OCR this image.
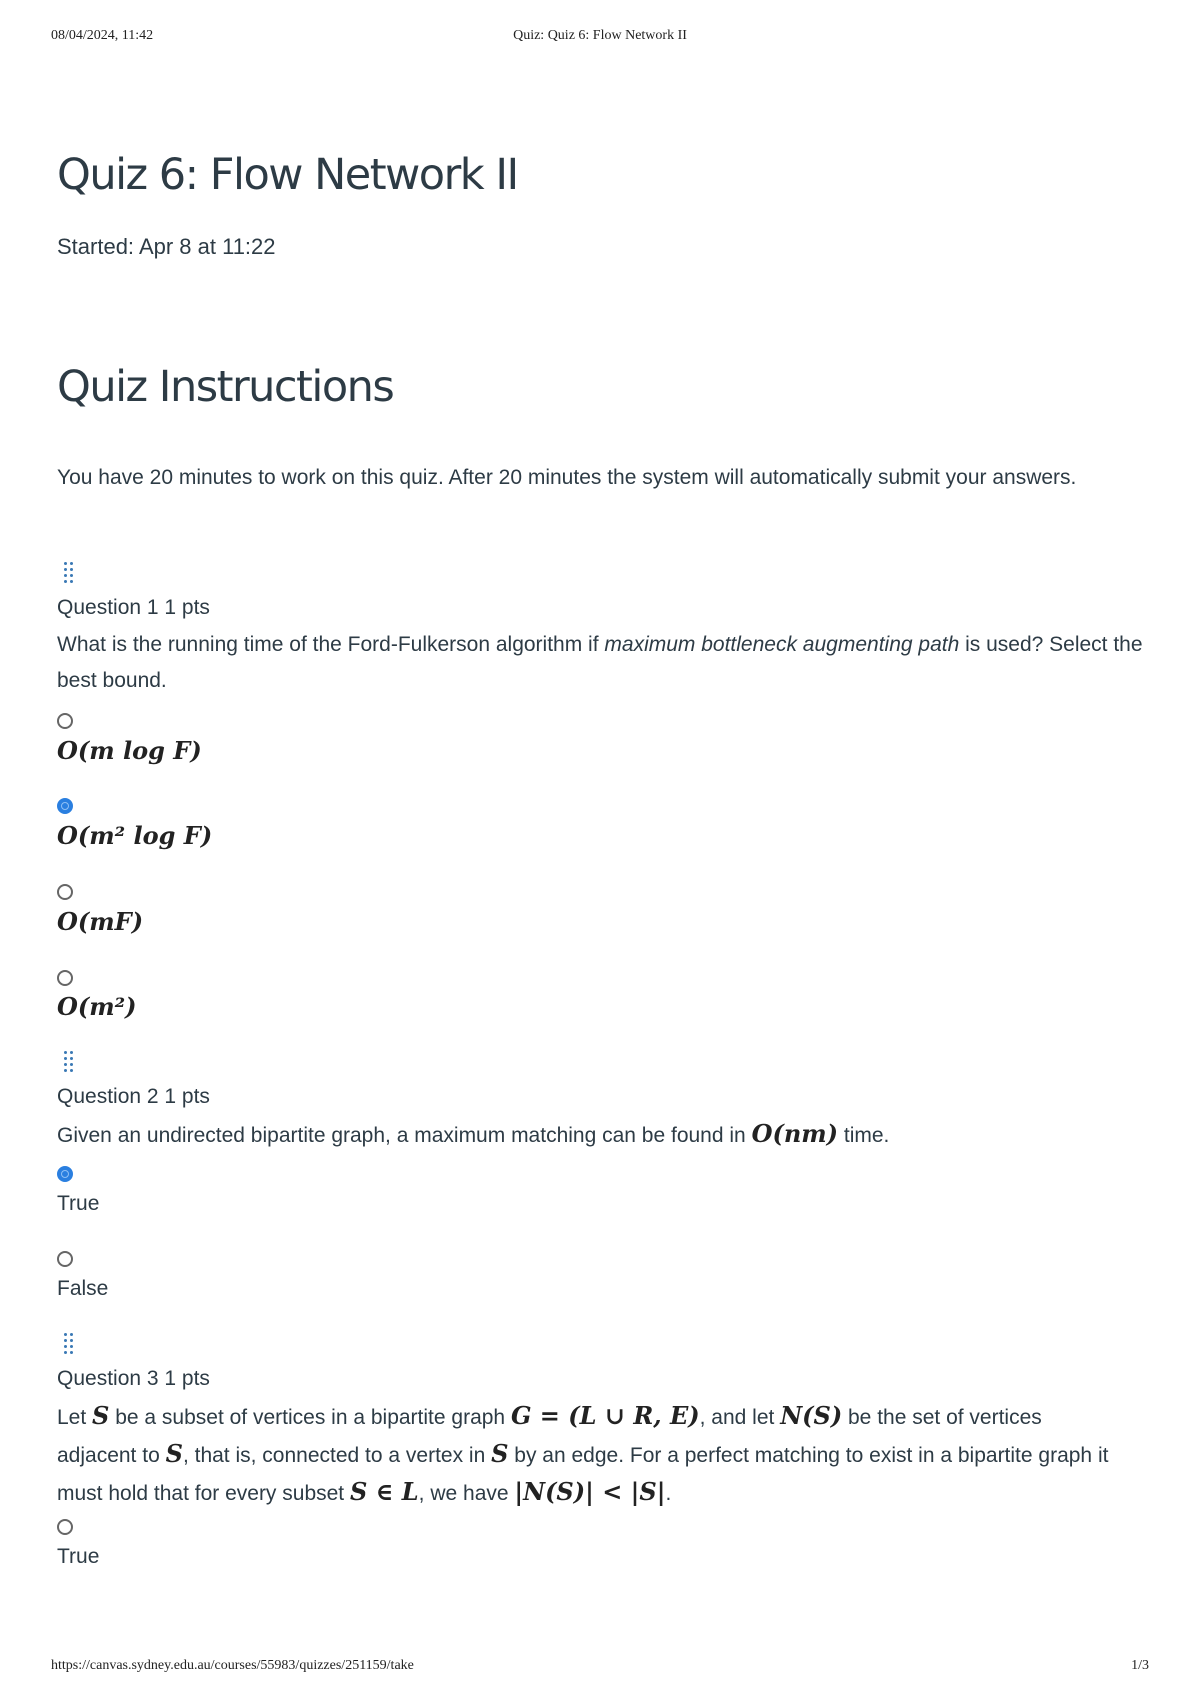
08/04/2024, 11:42	Quiz: Quiz 6: Flow Network II
Quiz 6: Flow Network II
Started: Apr 8 at 11:22
Quiz Instructions
You have 20 minutes to work on this quiz. After 20 minutes the system will automatically submit your answers.
Question 1 1 pts
What is the running time of the Ford-Fulkerson algorithm if maximum bottleneck augmenting path is used? Select the best bound.
O(m log F)
O(m² log F)
O(mF)
O(m²)
Question 2 1 pts
Given an undirected bipartite graph, a maximum matching can be found in O(nm) time.
True
False
Question 3 1 pts
Let S be a subset of vertices in a bipartite graph G = (L ∪ R, E), and let N(S) be the set of vertices adjacent to S, that is, connected to a vertex in S by an edge. For a perfect matching to exist in a bipartite graph it must hold that for every subset S ∈ L, we have |N(S)| < |S|.
True
https://canvas.sydney.edu.au/courses/55983/quizzes/251159/take	1/3
